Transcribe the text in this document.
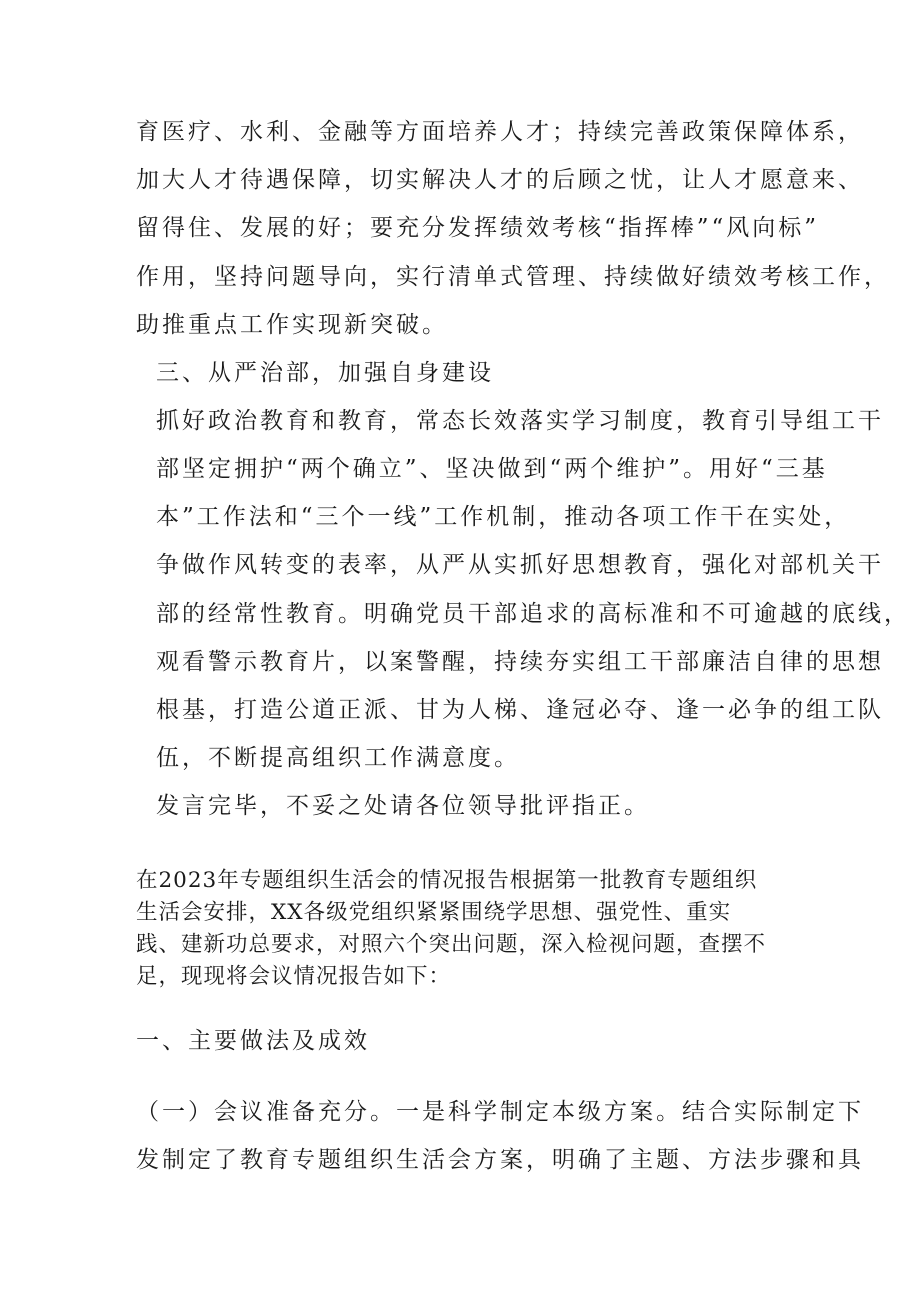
育医疗、水利、金融等方面培养人才；持续完善政策保障体系，

加大人才待遇保障，切实解决人才的后顾之忧，让人才愿意来、

留得住、发展的好；要充分发挥绩效考核“指挥棒”“风向标”

作用，坚持问题导向，实行清单式管理、持续做好绩效考核工作，

助推重点工作实现新突破。

三、从严治部，加强自身建设

抓好政治教育和教育，常态长效落实学习制度，教育引导组工干

部坚定拥护“两个确立”、坚决做到“两个维护”。用好“三基

本”工作法和“三个一线”工作机制，推动各项工作干在实处，

争做作风转变的表率，从严从实抓好思想教育，强化对部机关干

部的经常性教育。明确党员干部追求的高标准和不可逾越的底线，

观看警示教育片，以案警醒，持续夯实组工干部廉洁自律的思想

根基，打造公道正派、甘为人梯、逢冠必夺、逢一必争的组工队

伍，不断提高组织工作满意度。

发言完毕，不妥之处请各位领导批评指正。

在2023年专题组织生活会的情况报告根据第一批教育专题组织

生活会安排，XX各级党组织紧紧围绕学思想、强党性、重实

践、建新功总要求，对照六个突出问题，深入检视问题，查摆不

足，现现将会议情况报告如下：

一、主要做法及成效

（一）会议准备充分。一是科学制定本级方案。结合实际制定下

发制定了教育专题组织生活会方案，明确了主题、方法步骤和具
